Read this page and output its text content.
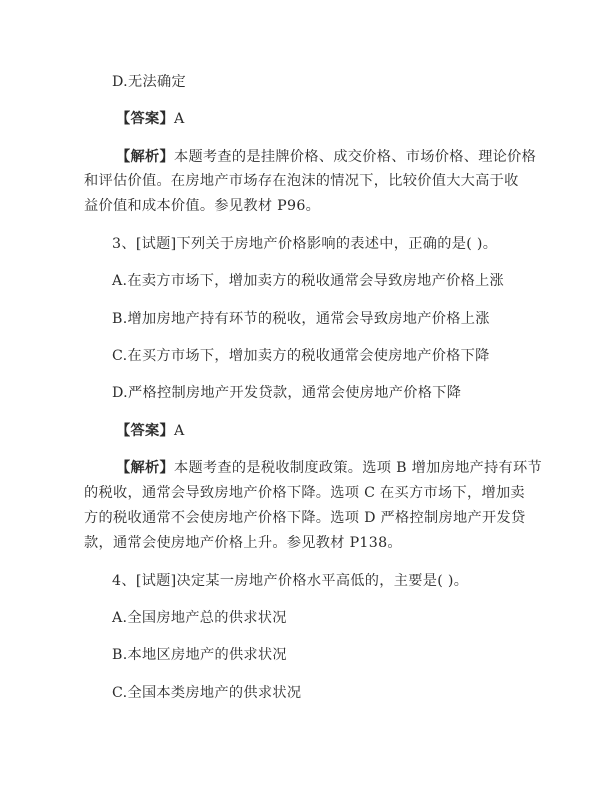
D.无法确定
【答案】A
【解析】本题考查的是挂牌价格、成交价格、市场价格、理论价格
和评估价值。在房地产市场存在泡沫的情况下，比较价值大大高于收
益价值和成本价值。参见教材 P96。
3、[试题]下列关于房地产价格影响的表述中，正确的是( )。
A.在卖方市场下，增加卖方的税收通常会导致房地产价格上涨
B.增加房地产持有环节的税收，通常会导致房地产价格上涨
C.在买方市场下，增加卖方的税收通常会使房地产价格下降
D.严格控制房地产开发贷款，通常会使房地产价格下降
【答案】A
【解析】本题考查的是税收制度政策。选项 B 增加房地产持有环节
的税收，通常会导致房地产价格下降。选项 C 在买方市场下，增加卖
方的税收通常不会使房地产价格下降。选项 D 严格控制房地产开发贷
款，通常会使房地产价格上升。参见教材 P138。
4、[试题]决定某一房地产价格水平高低的，主要是( )。
A.全国房地产总的供求状况
B.本地区房地产的供求状况
C.全国本类房地产的供求状况
